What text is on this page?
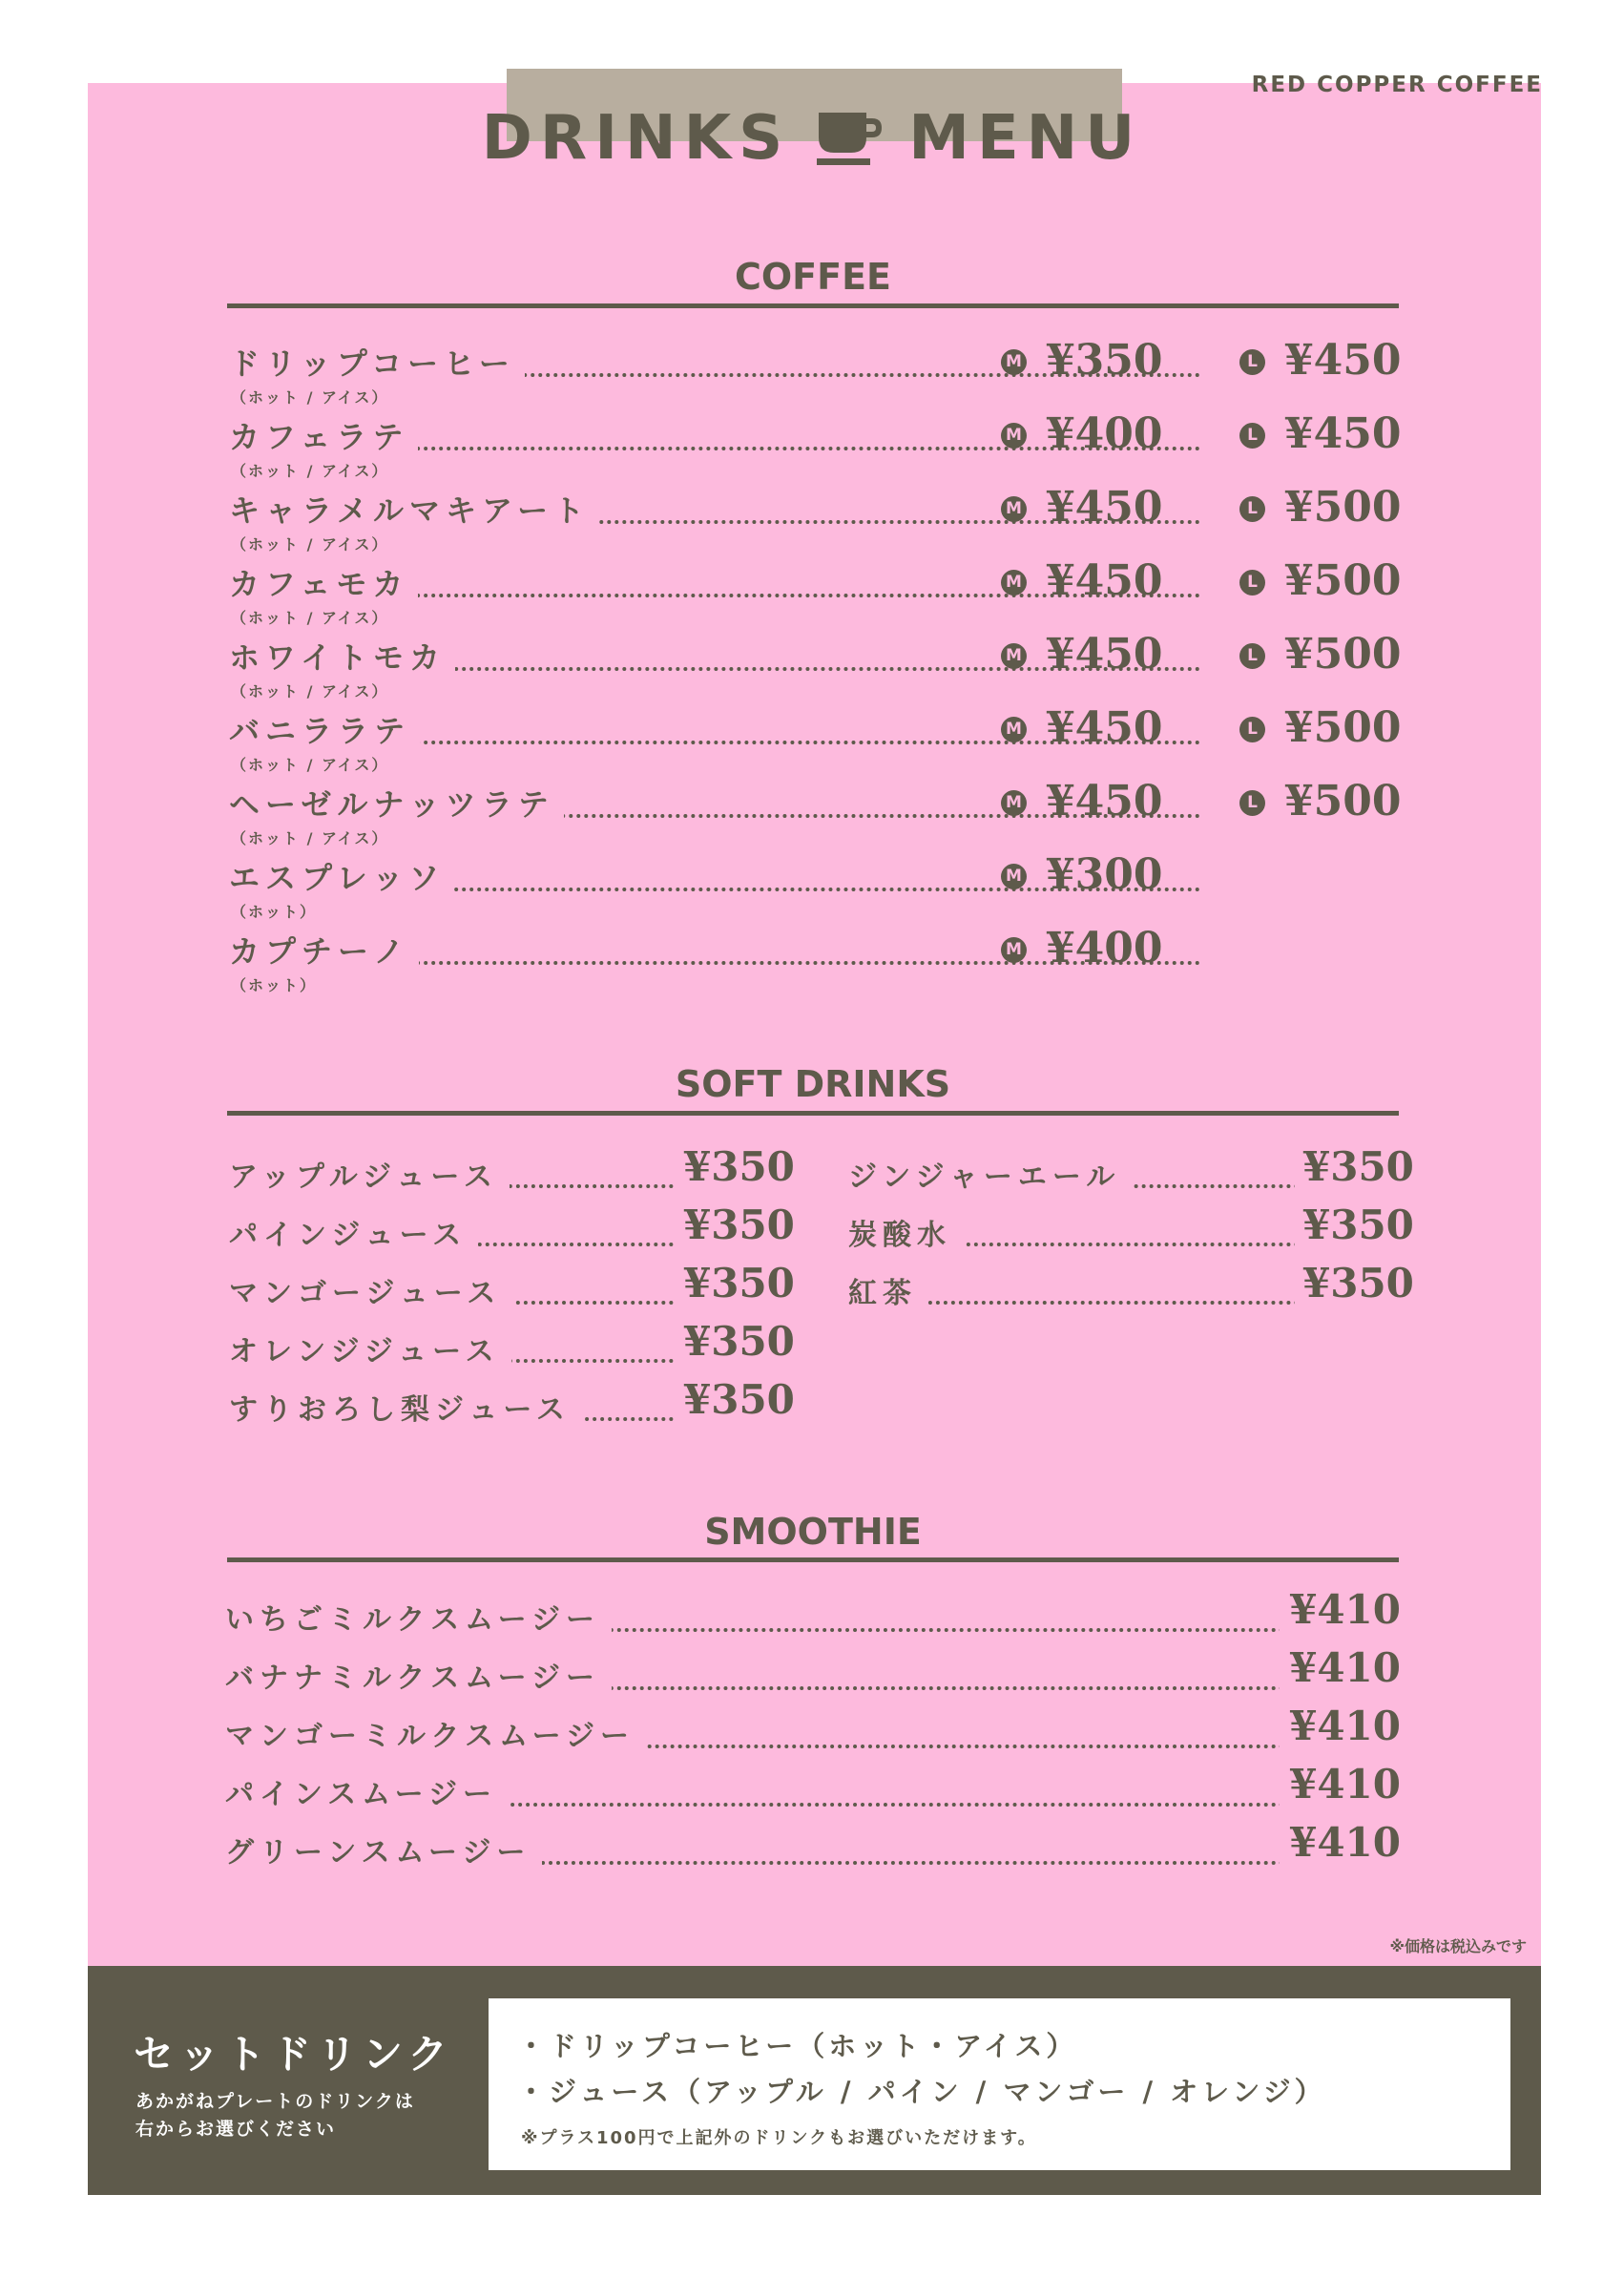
DRINKS MENU
RED COPPER COFFEE
COFFEE
ドリップコーヒー
（ホット / アイス）
M ¥350	L ¥450
カフェラテ
（ホット / アイス）
M ¥400	L ¥450
キャラメルマキアート
（ホット / アイス）
M ¥450	L ¥500
カフェモカ
（ホット / アイス）
M ¥450	L ¥500
ホワイトモカ
（ホット / アイス）
M ¥450	L ¥500
バニララテ
（ホット / アイス）
M ¥450	L ¥500
ヘーゼルナッツラテ
（ホット / アイス）
M ¥450	L ¥500
エスプレッソ
（ホット）
M ¥300
カプチーノ
（ホット）
M ¥400
SOFT DRINKS
アップルジュース	¥350
パインジュース	¥350
マンゴージュース	¥350
オレンジジュース	¥350
すりおろし梨ジュース	¥350
ジンジャーエール	¥350
炭酸水	¥350
紅茶	¥350
SMOOTHIE
いちごミルクスムージー	¥410
バナナミルクスムージー	¥410
マンゴーミルクスムージー	¥410
パインスムージー	¥410
グリーンスムージー	¥410
※価格は税込みです
セットドリンク
あかがねプレートのドリンクは
右からお選びください
・ドリップコーヒー（ホット・アイス）
・ジュース（アップル / パイン / マンゴー / オレンジ）
※プラス100円で上記外のドリンクもお選びいただけます。
